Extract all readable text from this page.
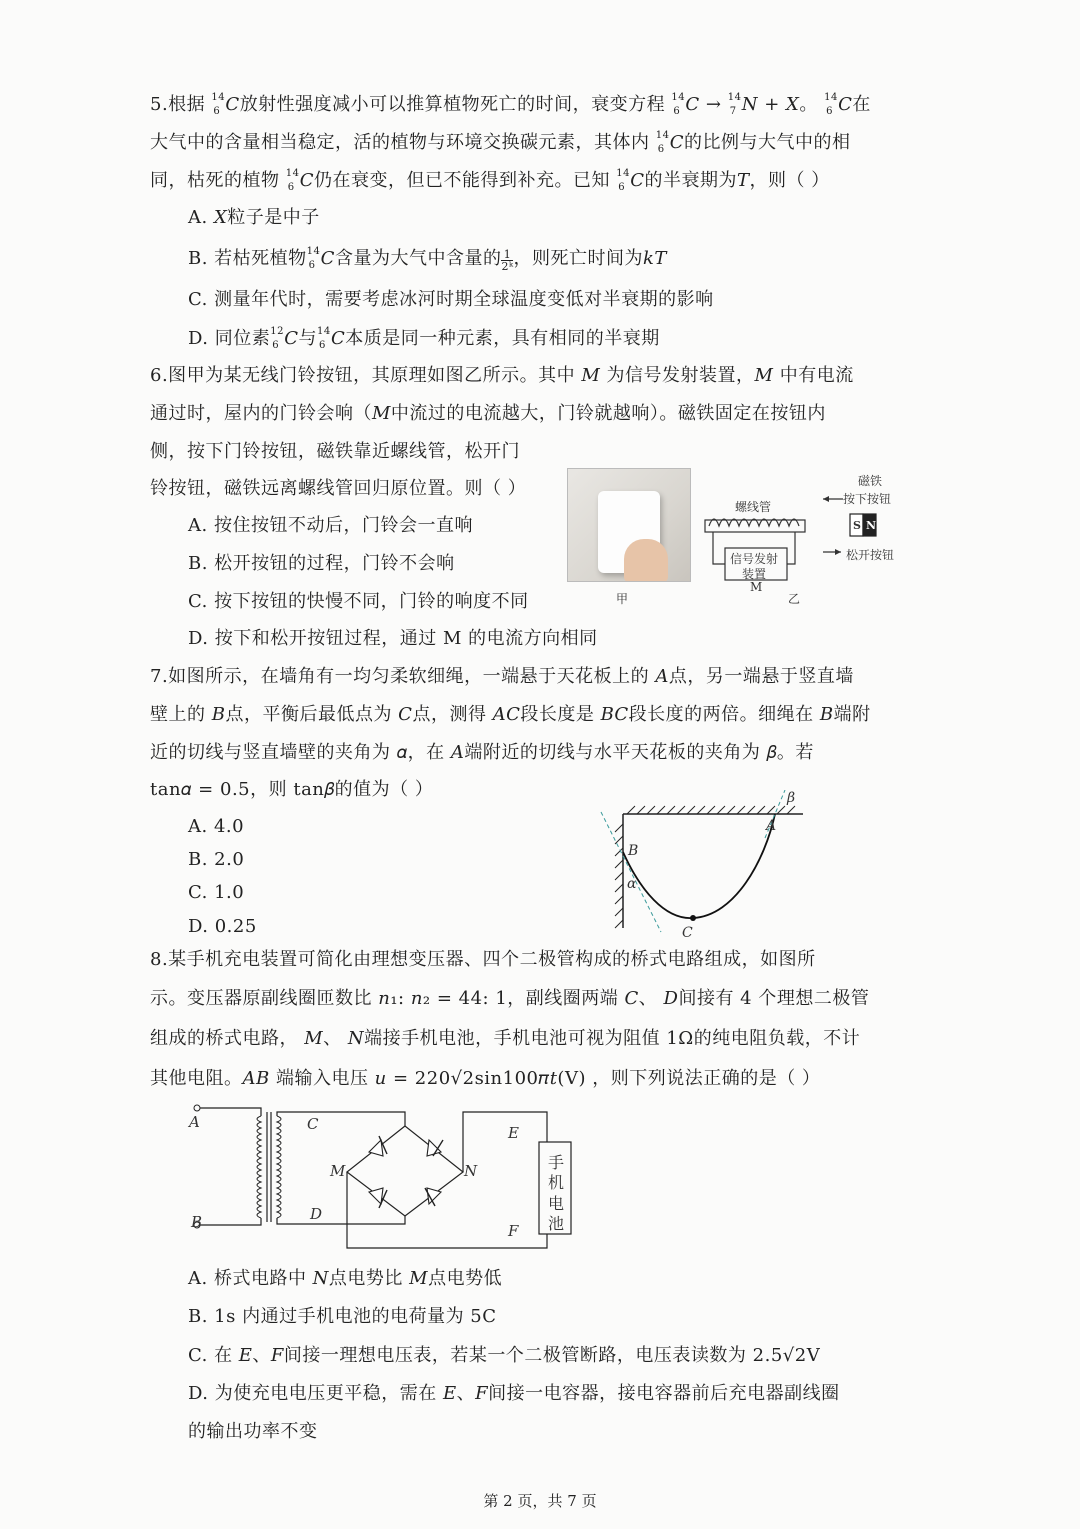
5.根据 14
6 C放射性强度减小可以推算植物死亡的时间，衰变方程 14
6 C → 14
7 N + X。 14
6 C在
大气中的含量相当稳定，活的植物与环境交换碳元素，其体内 14
6 C的比例与大气中的相
同，枯死的植物 14
6 C仍在衰变，但已不能得到补充。已知 14
6 C的半衰期为T，则（ ）
A. X粒子是中子
B. 若枯死植物 14
6 C含量为大气中含量的 $\frac{1}{\text{2ᵏ}}$ ，则死亡时间为kT
C. 测量年代时，需要考虑冰河时期全球温度变低对半衰期的影响
D. 同位素 12
6 C与 14
6 C本质是同一种元素，具有相同的半衰期
6.图甲为某无线门铃按钮，其原理如图乙所示。其中 𝑀 为信号发射装置，𝑀 中有电流
通过时，屋内的门铃会响（𝑀中流过的电流越大，门铃就越响）。磁铁固定在按钮内
侧，按下门铃按钮，磁铁靠近螺线管，松开门
铃按钮，磁铁远离螺线管回归原位置。则（ ）
A. 按住按钮不动后，门铃会一直响
B. 松开按钮的过程，门铃不会响
C. 按下按钮的快慢不同，门铃的响度不同
D. 按下和松开按钮过程，通过 M 的电流方向相同
甲
螺线管
信号发射
装置
M
乙
磁铁
按下按钮
松开按钮
S N
7.如图所示，在墙角有一均匀柔软细绳，一端悬于天花板上的 𝐴点，另一端悬于竖直墙
壁上的 𝐵点，平衡后最低点为 𝐶点，测得 𝐴𝐶段长度是 𝐵𝐶段长度的两倍。细绳在 𝐵端附
近的切线与竖直墙壁的夹角为 𝛼，在 𝐴端附近的切线与水平天花板的夹角为 𝛽。若
tan𝛼 = 0.5，则 tan𝛽的值为（ ）
A. 4.0
B. 2.0
C. 1.0
D. 0.25
A
B
C
α
β
8.某手机充电装置可简化由理想变压器、四个二极管构成的桥式电路组成，如图所
示。变压器原副线圈匝数比 𝑛₁: 𝑛₂ = 44: 1，副线圈两端 𝐶、 𝐷间接有 4 个理想二极管
组成的桥式电路， 𝑀、 𝑁端接手机电池，手机电池可视为阻值 1Ω的纯电阻负载，不计
其他电阻。𝐴𝐵 端输入电压 𝑢 = 220√2sin100𝜋𝑡(V) ，则下列说法正确的是（ ）
A
B
C
D
E
F
M	N	手
机
电
池
A. 桥式电路中 𝑁点电势比 𝑀点电势低
B. 1s 内通过手机电池的电荷量为 5C
C. 在 𝐸、𝐹间接一理想电压表，若某一个二极管断路，电压表读数为 2.5√2V
D. 为使充电电压更平稳，需在 𝐸、𝐹间接一电容器，接电容器前后充电器副线圈
的输出功率不变
第 2 页，共 7 页
